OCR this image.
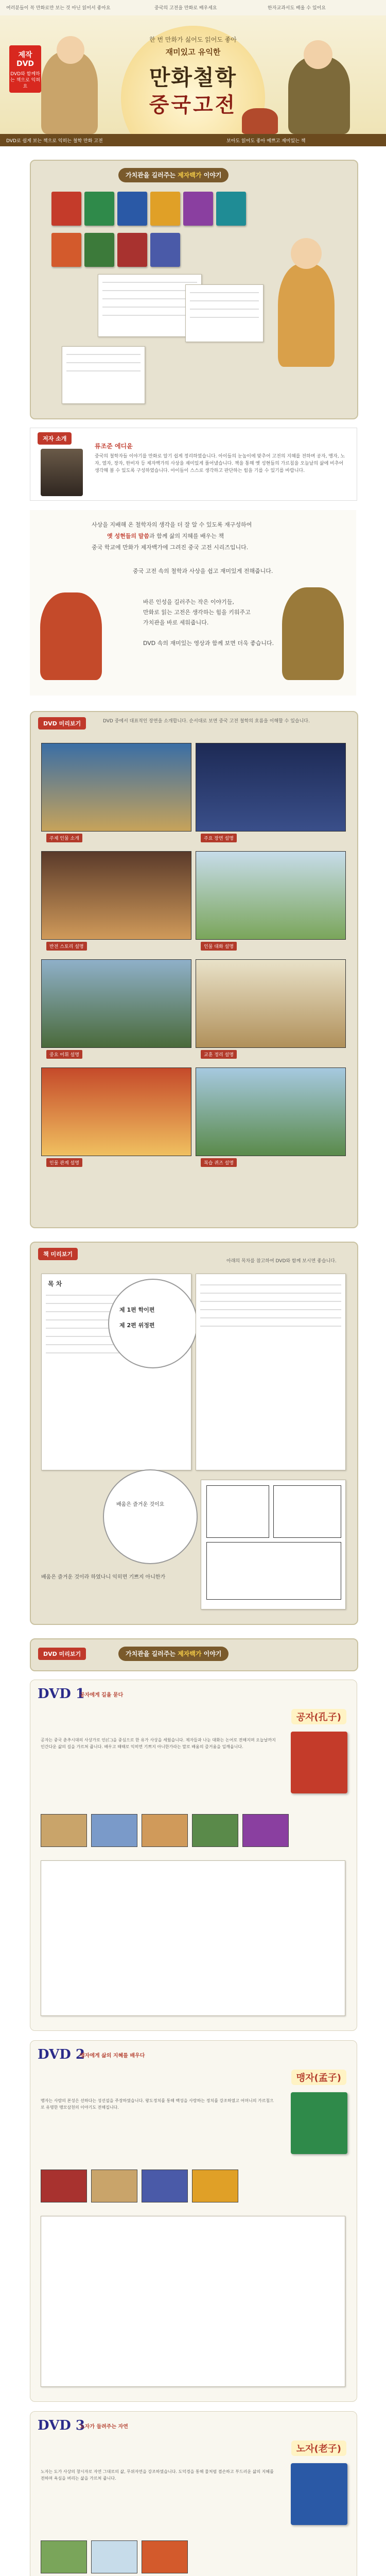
여러분들이 꼭 만화로만 보는 것 아닌 읽어서 좋아요	중국의 고전을 만화로 배우세요	한자교과서도 배울 수 있어요
한 번 만화가 싫어도 읽어도 좋아
재미있고 유익한
만화철학
중국고전
제작 DVD
DVD와 함께하는 책으로 익혀요
DVD로 쉽게 보는 책으로 익히는 철학 만화 고전	보아도 읽어도 좋아 예쁘고 재미있는 책
가치관을 길러주는 제자백가 이야기
저자 소개
류조준 에디윤
중국의 철학자들 이야기를 만화로 알기 쉽게 정리하였습니다. 아이들의 눈높이에 맞추어 고전의 지혜를 전하며 공자, 맹자, 노자, 열자, 장자, 한비자 등 제자백가의 사상을 재미있게 풀어냈습니다. 책을 통해 옛 성현들의 가르침을 오늘날의 삶에 비추어 생각해 볼 수 있도록 구성하였습니다. 아이들이 스스로 생각하고 판단하는 힘을 기를 수 있기를 바랍니다.

사상을 지배해 온 철학자의 생각을 더 잘 알 수 있도록 재구성하여

옛 성현들의 말씀과 함께 삶의 지혜를 배우는 책

중국 학교에 만화가 제자백가에 그려진 중국 고전 시리즈입니다.

중국 고전 속의 철학과 사상을 쉽고 재미있게 전해줍니다.

바른 인성을 길러주는 작은 이야기들,

만화로 읽는 고전은 생각하는 힘을 키워주고

가치관을 바로 세워줍니다.

DVD 속의 재미있는 영상과 함께 보면 더욱 좋습니다.

DVD 미리보기	DVD 중에서 대표적인 장면을 소개합니다. 순서대로 보면 중국 고전 철학의 흐름을 이해할 수 있습니다.
주제 인물 소개	주요 장면 설명
반전 스토리 설명	인물 대화 설명
중요 어휘 설명	교훈 정리 설명
인물 관계 설명	복습 퀴즈 설명
책 미리보기
아래의 목차를 참고하여 DVD와 함께 보시면 좋습니다.
목 차
제 1편 학이편
제 2편 위정편
배움은 즐거운 것이요
배움은 즐거운 것이라 하였나니 익히면 기쁘지 아니한가
DVD 미리보기	가치관을 길러주는 제자백가 이야기
DVD 1
공자에게 길을 묻다
공자(孔子)
공자는 중국 춘추시대의 사상가로 인(仁)을 중심으로 한 유가 사상을 세웠습니다. 제자들과 나눈 대화는 논어로 전해지며 오늘날까지 인간다운 삶의 길을 가르쳐 줍니다. 배우고 때때로 익히면 기쁘지 아니한가라는 말로 배움의 즐거움을 일깨웁니다.
DVD 2
맹자에게 삶의 지혜를 배우다
맹자(孟子)
맹자는 사람의 본성은 선하다는 성선설을 주장하였습니다. 왕도정치를 통해 백성을 사랑하는 정치를 강조하였고 어머니의 가르침으로 유명한 맹모삼천의 이야기도 전해집니다.
DVD 3
노자가 들려주는 자연
노자(老子)
노자는 도가 사상의 창시자로 자연 그대로의 삶, 무위자연을 강조하였습니다. 도덕경을 통해 물처럼 겸손하고 부드러운 삶의 지혜를 전하며 욕심을 버리는 삶을 가르쳐 줍니다.
